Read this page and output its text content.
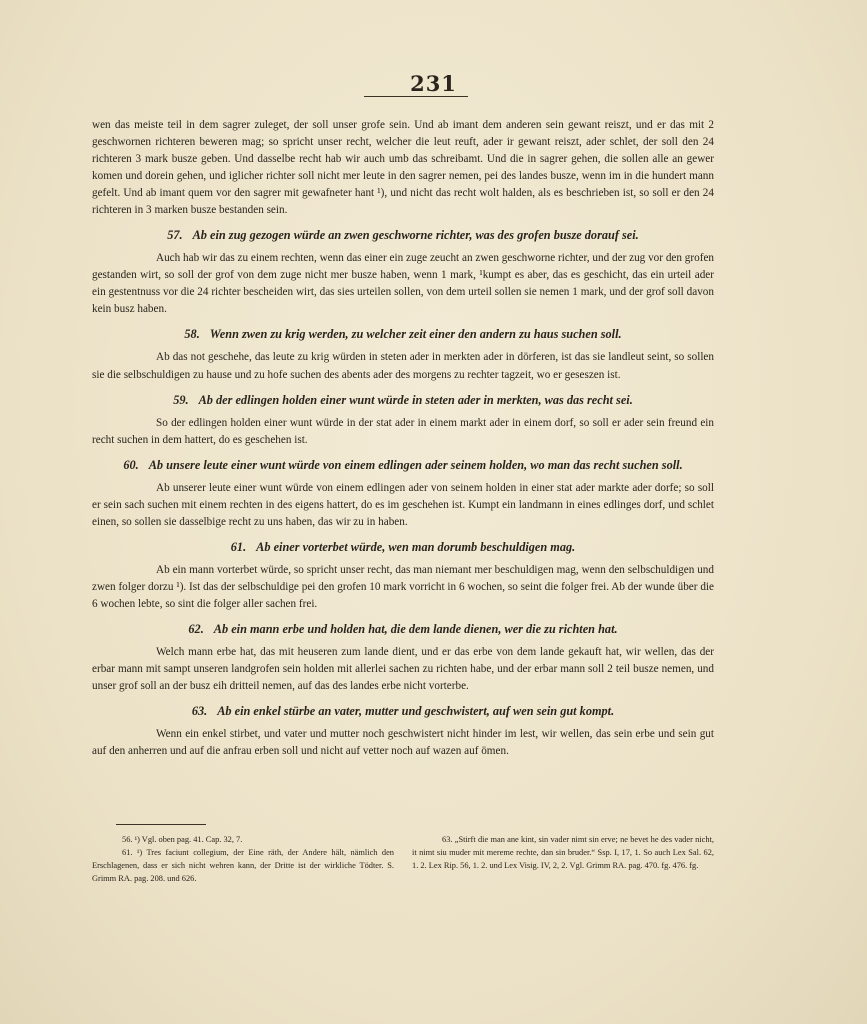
231

wen das meiste teil in dem sagrer zuleget, der soll unser grofe sein. Und ab imant dem anderen sein gewant reiszt, und er das mit 2 geschwornen richteren beweren mag; so spricht unser recht, welcher die leut reuft, ader ir gewant reiszt, ader schlet, der soll den 24 richteren 3 mark busze geben. Und dasselbe recht hab wir auch umb das schreibamt. Und die in sagrer gehen, die sollen alle an gewer komen und dorein gehen, und iglicher richter soll nicht mer leute in den sagrer nemen, pei des landes busze, wenn im in die hundert mann gefelt. Und ab imant quem vor den sagrer mit gewafneter hant ¹), und nicht das recht wolt halden, als es beschrieben ist, so soll er den 24 richteren in 3 marken busze bestanden sein.

57. Ab ein zug gezogen würde an zwen geschworne richter, was des grofen busze dorauf sei.

Auch hab wir das zu einem rechten, wenn das einer ein zuge zeucht an zwen geschworne richter, und der zug vor den grofen gestanden wirt, so soll der grof von dem zuge nicht mer busze haben, wenn 1 mark, ¹kumpt es aber, das es geschicht, das ein urteil ader ein gestentnuss vor die 24 richter bescheiden wirt, das sies urteilen sollen, von dem urteil sollen sie nemen 1 mark, und der grof soll davon kein busz haben.

58. Wenn zwen zu krig werden, zu welcher zeit einer den andern zu haus suchen soll.

Ab das not geschehe, das leute zu krig würden in steten ader in merkten ader in dörferen, ist das sie landleut seint, so sollen sie die selbschuldigen zu hause und zu hofe suchen des abents ader des morgens zu rechter tagzeit, wo er geseszen ist.

59. Ab der edlingen holden einer wunt würde in steten ader in merkten, was das recht sei.

So der edlingen holden einer wunt würde in der stat ader in einem markt ader in einem dorf, so soll er ader sein freund ein recht suchen in dem hattert, do es geschehen ist.

60. Ab unsere leute einer wunt würde von einem edlingen ader seinem holden, wo man das recht suchen soll.

Ab unserer leute einer wunt würde von einem edlingen ader von seinem holden in einer stat ader markte ader dorfe; so soll er sein sach suchen mit einem rechten in des eigens hattert, do es im geschehen ist. Kumpt ein landmann in eines edlinges dorf, und schlet einen, so sollen sie dasselbige recht zu uns haben, das wir zu in haben.

61. Ab einer vorterbet würde, wen man dorumb beschuldigen mag.

Ab ein mann vorterbet würde, so spricht unser recht, das man niemant mer beschuldigen mag, wenn den selbschuldigen und zwen folger dorzu ¹). Ist das der selbschuldige pei den grofen 10 mark vorricht in 6 wochen, so seint die folger frei. Ab der wunde über die 6 wochen lebte, so sint die folger aller sachen frei.

62. Ab ein mann erbe und holden hat, die dem lande dienen, wer die zu richten hat.

Welch mann erbe hat, das mit heuseren zum lande dient, und er das erbe von dem lande gekauft hat, wir wellen, das der erbar mann mit sampt unseren landgrofen sein holden mit allerlei sachen zu richten habe, und der erbar mann soll 2 teil busze nemen, und unser grof soll an der busz eih dritteil nemen, auf das des landes erbe nicht vorterbe.

63. Ab ein enkel stürbe an vater, mutter und geschwistert, auf wen sein gut kompt.

Wenn ein enkel stirbet, und vater und mutter noch geschwistert nicht hinder im lest, wir wellen, das sein erbe und sein gut auf den anherren und auf die anfrau erben soll und nicht auf vetter noch auf wazen auf ömen.

56. ¹) Vgl. oben pag. 41. Cap. 32, 7.

61. ¹) Tres faciunt collegium, der Eine räth, der Andere hält, nämlich den Erschlagenen, dass er sich nicht wehren kann, der Dritte ist der wirkliche Tödter. S. Grimm RA. pag. 208. und 626.

63. „Stirft die man ane kint, sin vader nimt sin erve; ne bevet he des vader nicht, it nimt siu muder mit mereme rechte, dan sin bruder.“ Ssp. I, 17, 1. So auch Lex Sal. 62, 1. 2. Lex Rip. 56, 1. 2. und Lex Visig. IV, 2, 2. Vgl. Grimm RA. pag. 470. fg. 476. fg.
